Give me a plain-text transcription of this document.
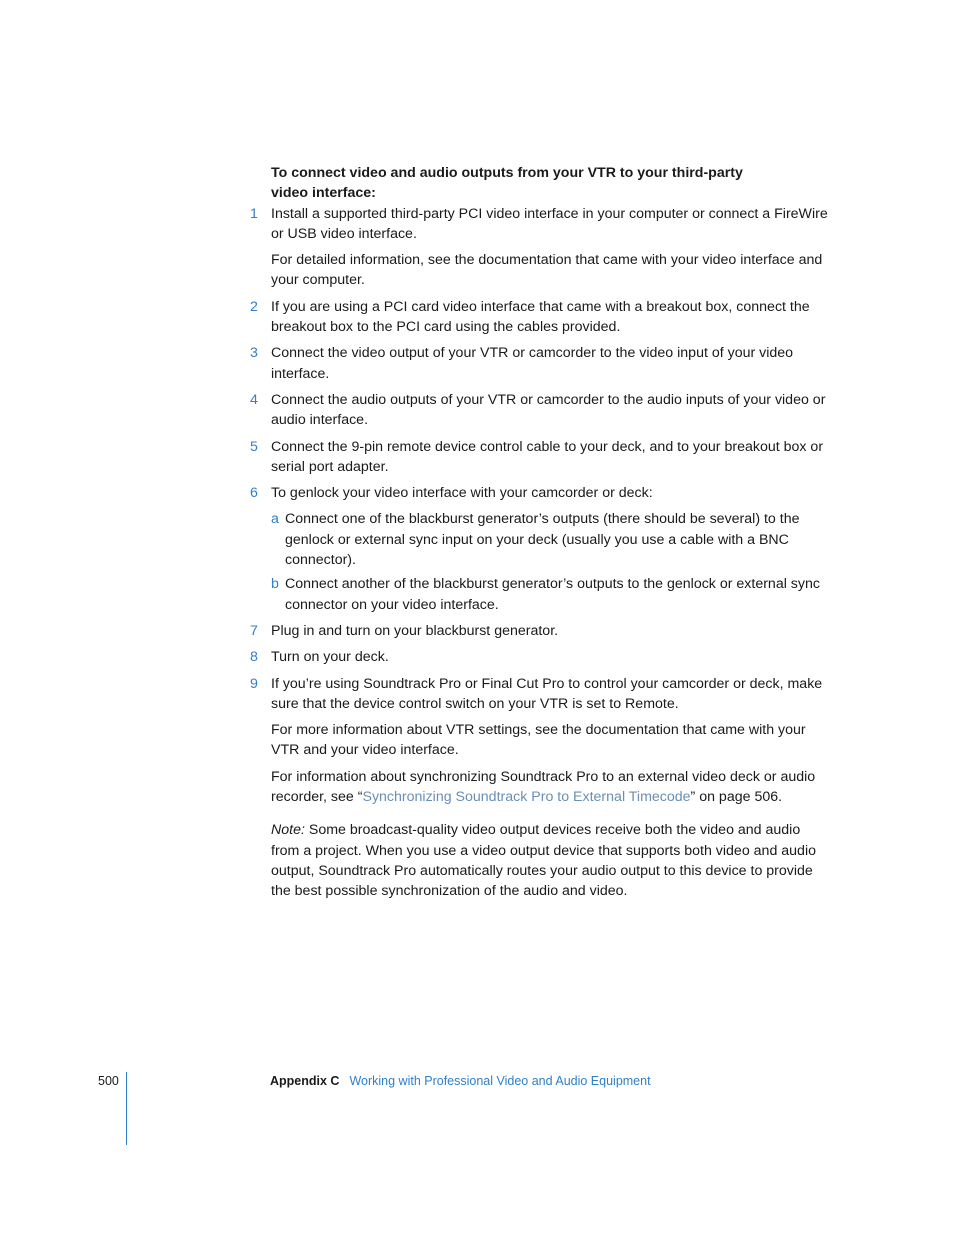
To connect video and audio outputs from your VTR to your third-party
video interface:
1 Install a supported third-party PCI video interface in your computer or connect a FireWire or USB video interface.
For detailed information, see the documentation that came with your video interface and your computer.
2 If you are using a PCI card video interface that came with a breakout box, connect the breakout box to the PCI card using the cables provided.
3 Connect the video output of your VTR or camcorder to the video input of your video interface.
4 Connect the audio outputs of your VTR or camcorder to the audio inputs of your video or audio interface.
5 Connect the 9-pin remote device control cable to your deck, and to your breakout box or serial port adapter.
6 To genlock your video interface with your camcorder or deck:
a Connect one of the blackburst generator’s outputs (there should be several) to the genlock or external sync input on your deck (usually you use a cable with a BNC connector).
b Connect another of the blackburst generator’s outputs to the genlock or external sync connector on your video interface.
7 Plug in and turn on your blackburst generator.
8 Turn on your deck.
9 If you’re using Soundtrack Pro or Final Cut Pro to control your camcorder or deck, make sure that the device control switch on your VTR is set to Remote.
For more information about VTR settings, see the documentation that came with your VTR and your video interface.
For information about synchronizing Soundtrack Pro to an external video deck or audio recorder, see “Synchronizing Soundtrack Pro to External Timecode” on page 506.
Note: Some broadcast-quality video output devices receive both the video and audio from a project. When you use a video output device that supports both video and audio output, Soundtrack Pro automatically routes your audio output to this device to provide the best possible synchronization of the audio and video.
500	Appendix C Working with Professional Video and Audio Equipment
